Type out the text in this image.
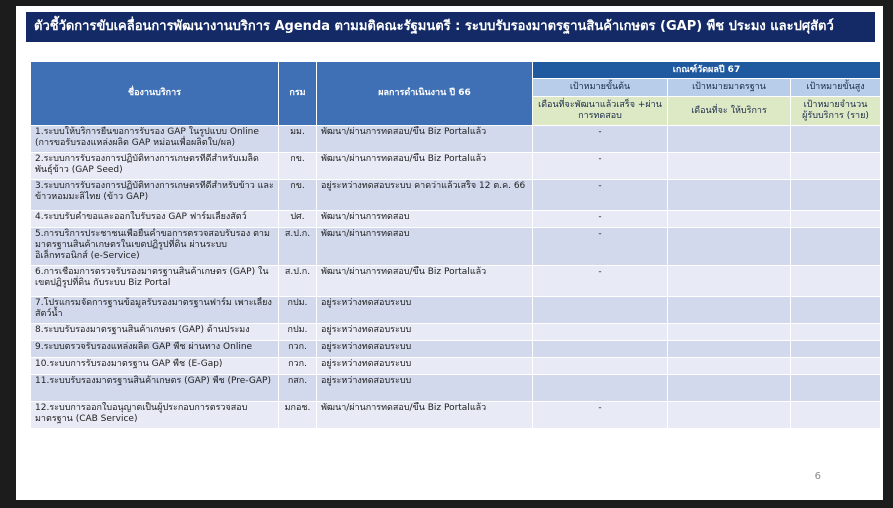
ตัวชี้วัดการขับเคลื่อนการพัฒนางานบริการ Agenda ตามมติคณะรัฐมนตรี : ระบบรับรองมาตรฐานสินค้าเกษตร (GAP) พืช ประมง และปศุสัตว์
ชื่องานบริการ	กรม	ผลการดำเนินงาน ปี 66	เกณฑ์วัดผลปี 67		
			เป้าหมายขั้นต้น	เป้าหมายมาตรฐาน	เป้าหมายขั้นสูง
			เดือนที่จะพัฒนาแล้วเสร็จ +ผ่านการทดสอบ	เดือนที่จะ ให้บริการ	เป้าหมายจำนวน ผู้รับบริการ (ราย)
1.ระบบให้บริการยื่นขอการรับรอง GAP ในรูปแบบ Online (การขอรับรองแหล่งผลิต GAP หม่อนเพื่อผลิตใบ/ผล)	มม.	พัฒนา/ผ่านการทดสอบ/ขึ้น Biz Portalแล้ว	-		
2.ระบบการรับรองการปฏิบัติทางการเกษตรที่ดีสำหรับเมล็ดพันธุ์ข้าว (GAP Seed)	กข.	พัฒนา/ผ่านการทดสอบ/ขึ้น Biz Portalแล้ว	-		
3.ระบบการรับรองการปฏิบัติทางการเกษตรที่ดีสำหรับข้าว และข้าวหอมมะลิไทย (ข้าว GAP)	กข.	อยู่ระหว่างทดสอบระบบ คาดว่าแล้วเสร็จ 12 ต.ค. 66	-		
4.ระบบรับคำขอและออกใบรับรอง GAP ฟาร์มเลี้ยงสัตว์	ปศ.	พัฒนา/ผ่านการทดสอบ	-		
5.การบริการประชาชนเพื่อยื่นคำขอการตรวจสอบรับรอง ตามมาตรฐานสินค้าเกษตรในเขตปฏิรูปที่ดิน ผ่านระบบ อิเล็กทรอนิกส์ (e-Service)	ส.ป.ก.	พัฒนา/ผ่านการทดสอบ	-		
6.การเชื่อมการตรวจรับรองมาตรฐานสินค้าเกษตร (GAP) ในเขตปฏิรูปที่ดิน กับระบบ Biz Portal	ส.ป.ก.	พัฒนา/ผ่านการทดสอบ/ขึ้น Biz Portalแล้ว	-		
7.โปรแกรมจัดการฐานข้อมูลรับรองมาตรฐานฟาร์ม เพาะเลี้ยงสัตว์น้ำ	กปม.	อยู่ระหว่างทดสอบระบบ			
8.ระบบรับรองมาตรฐานสินค้าเกษตร (GAP) ด้านประมง	กปม.	อยู่ระหว่างทดสอบระบบ			
9.ระบบตรวจรับรองแหล่งผลิต GAP พืช ผ่านทาง Online	กวก.	อยู่ระหว่างทดสอบระบบ			
10.ระบบการรับรองมาตรฐาน GAP พืช (E-Gap)	กวก.	อยู่ระหว่างทดสอบระบบ			
11.ระบบรับรองมาตรฐานสินค้าเกษตร (GAP) พืช (Pre-GAP)	กสก.	อยู่ระหว่างทดสอบระบบ			
12.ระบบการออกใบอนุญาตเป็นผู้ประกอบการตรวจสอบ มาตรฐาน (CAB Service)	มกอช.	พัฒนา/ผ่านการทดสอบ/ขึ้น Biz Portalแล้ว	-		
6
